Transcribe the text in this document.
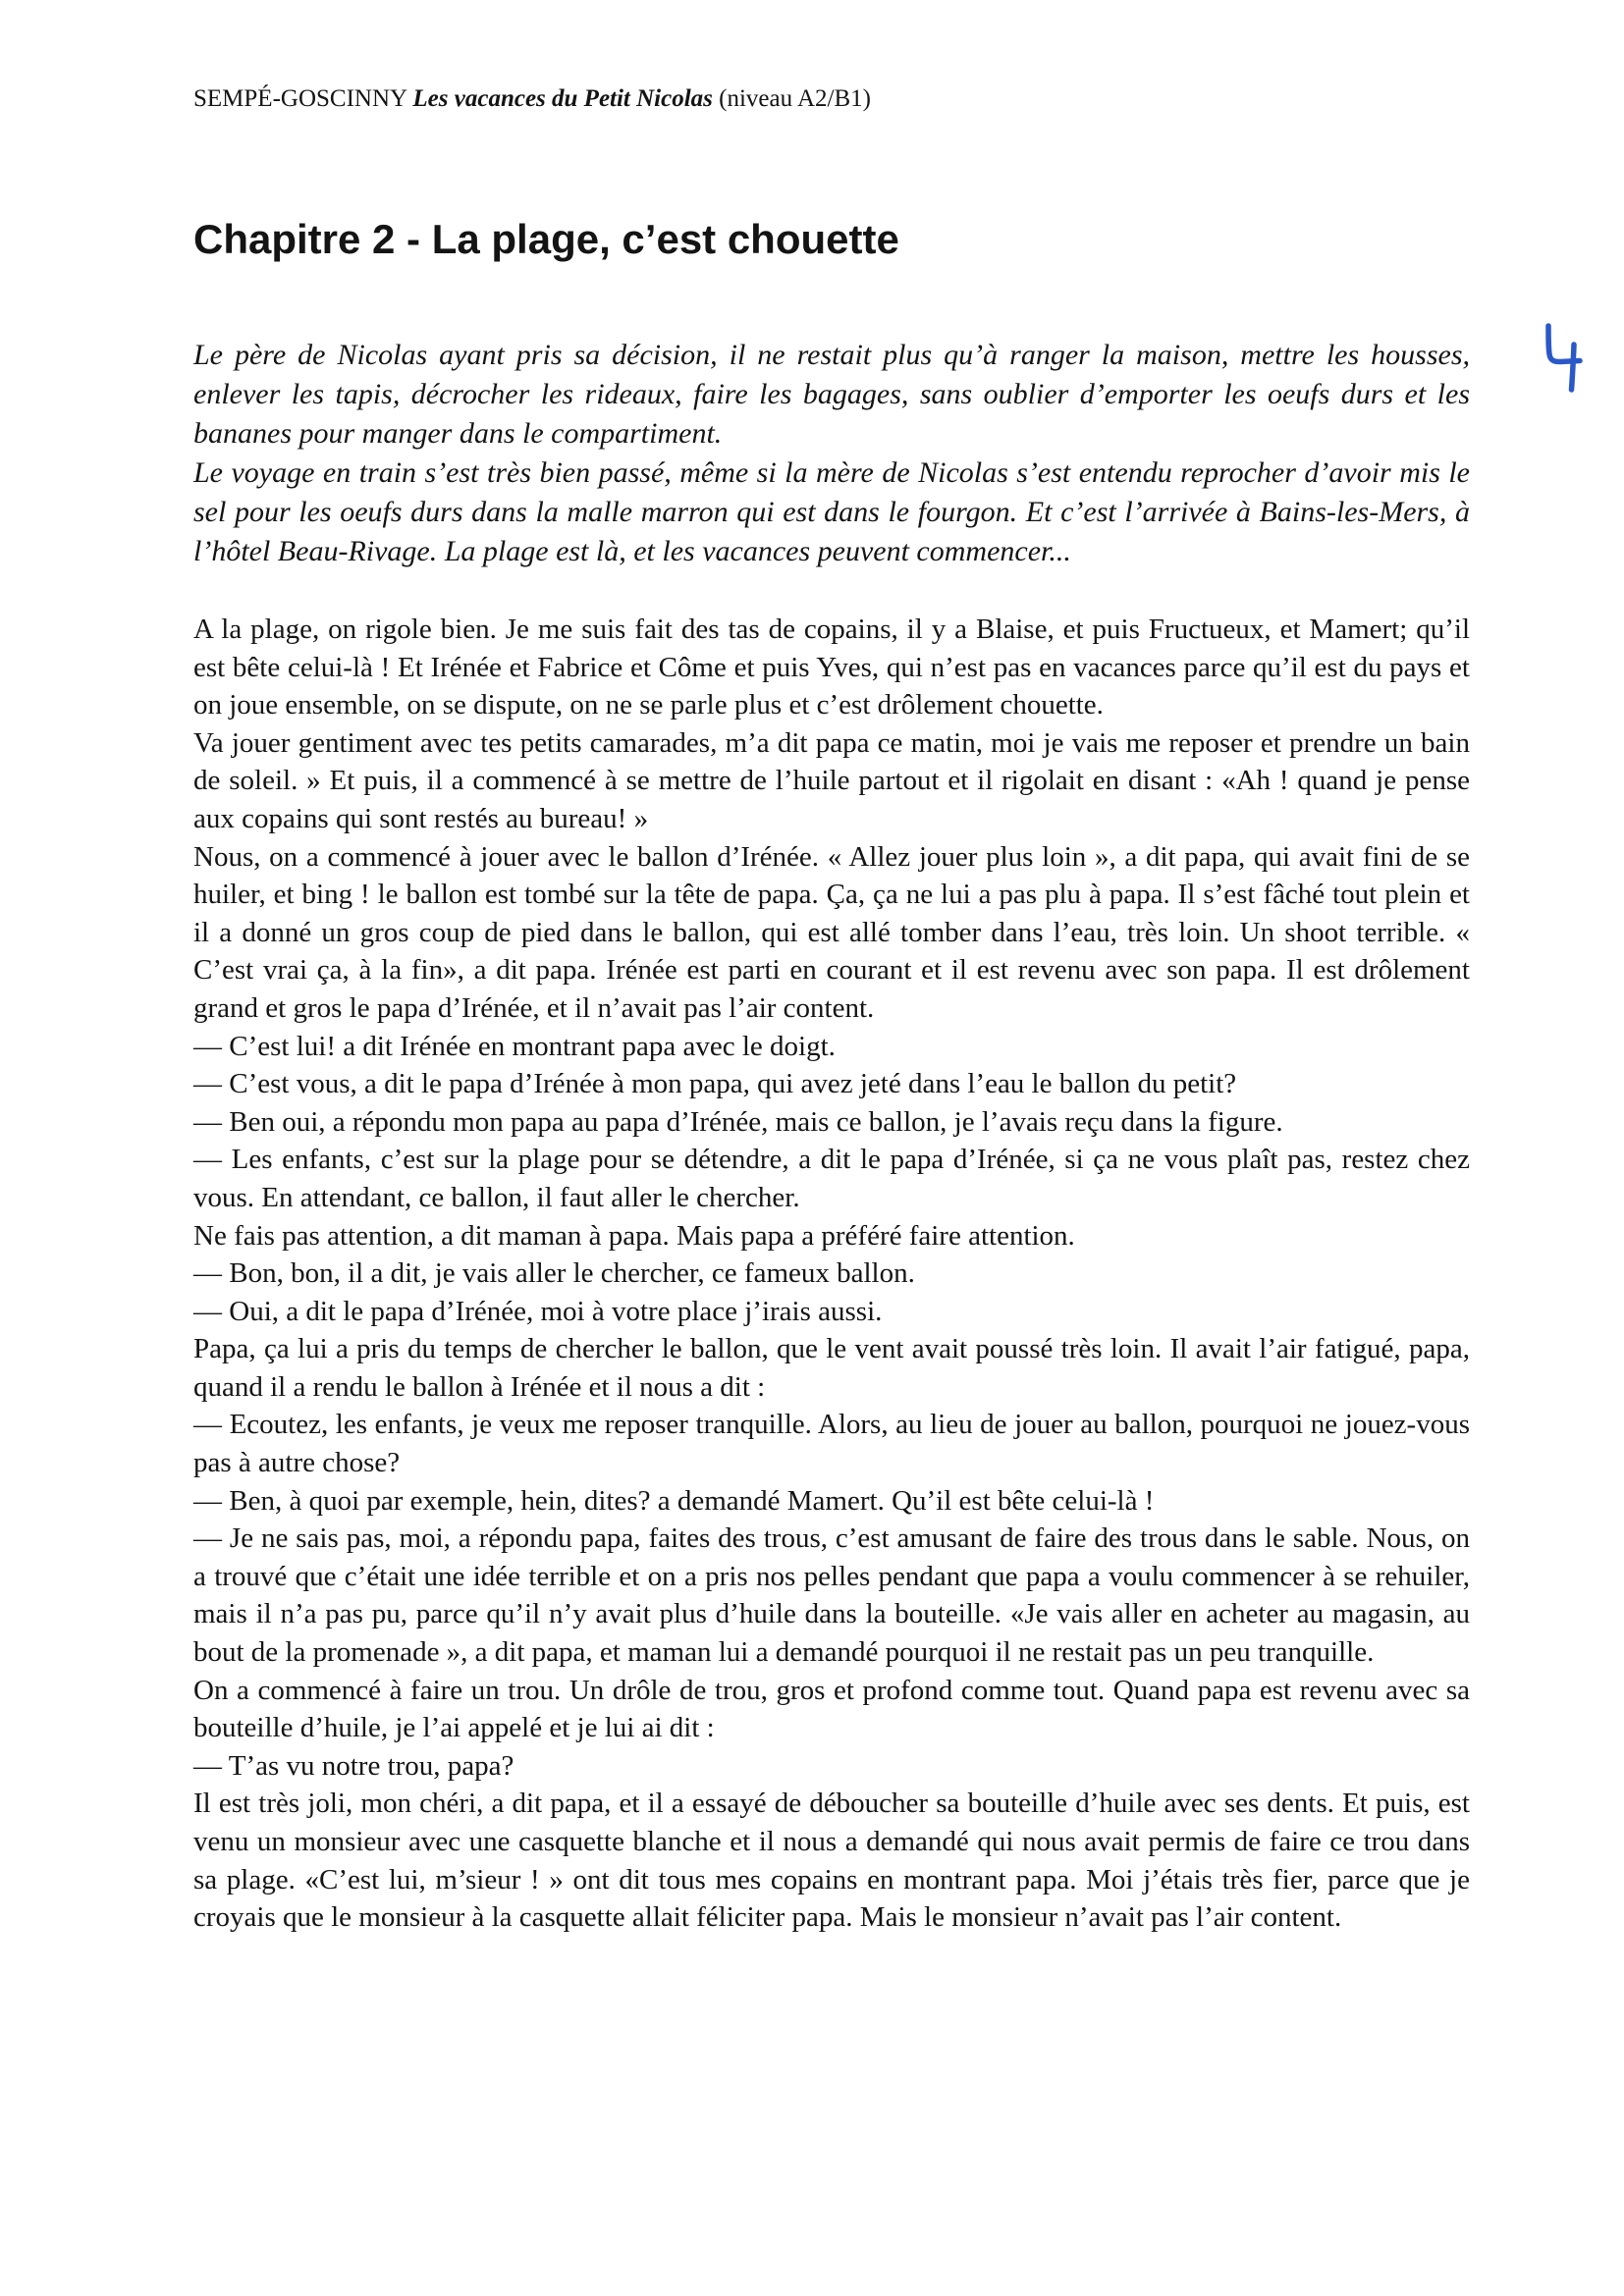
SEMPÉ-GOSCINNY Les vacances du Petit Nicolas (niveau A2/B1)
Chapitre 2 - La plage, c’est chouette

Le père de Nicolas ayant pris sa décision, il ne restait plus qu’à ranger la maison, mettre les housses, enlever les tapis, décrocher les rideaux, faire les bagages, sans oublier d’emporter les oeufs durs et les bananes pour manger dans le compartiment.

Le voyage en train s’est très bien passé, même si la mère de Nicolas s’est entendu reprocher d’avoir mis le sel pour les oeufs durs dans la malle marron qui est dans le fourgon. Et c’est l’arrivée à Bains-les-Mers, à l’hôtel Beau-Rivage. La plage est là, et les vacances peuvent commencer...

A la plage, on rigole bien. Je me suis fait des tas de copains, il y a Blaise, et puis Fructueux, et Mamert; qu’il est bête celui-là ! Et Irénée et Fabrice et Côme et puis Yves, qui n’est pas en vacances parce qu’il est du pays et on joue ensemble, on se dispute, on ne se parle plus et c’est drôlement chouette.

Va jouer gentiment avec tes petits camarades, m’a dit papa ce matin, moi je vais me reposer et prendre un bain de soleil. » Et puis, il a commencé à se mettre de l’huile partout et il rigolait en disant : «Ah ! quand je pense aux copains qui sont restés au bureau! »

Nous, on a commencé à jouer avec le ballon d’Irénée. « Allez jouer plus loin », a dit papa, qui avait fini de se huiler, et bing ! le ballon est tombé sur la tête de papa. Ça, ça ne lui a pas plu à papa. Il s’est fâché tout plein et il a donné un gros coup de pied dans le ballon, qui est allé tomber dans l’eau, très loin. Un shoot terrible. « C’est vrai ça, à la fin», a dit papa. Irénée est parti en courant et il est revenu avec son papa. Il est drôlement grand et gros le papa d’Irénée, et il n’avait pas l’air content.

— C’est lui! a dit Irénée en montrant papa avec le doigt.

— C’est vous, a dit le papa d’Irénée à mon papa, qui avez jeté dans l’eau le ballon du petit?

— Ben oui, a répondu mon papa au papa d’Irénée, mais ce ballon, je l’avais reçu dans la figure.

— Les enfants, c’est sur la plage pour se détendre, a dit le papa d’Irénée, si ça ne vous plaît pas, restez chez vous. En attendant, ce ballon, il faut aller le chercher.

Ne fais pas attention, a dit maman à papa. Mais papa a préféré faire attention.

— Bon, bon, il a dit, je vais aller le chercher, ce fameux ballon.

— Oui, a dit le papa d’Irénée, moi à votre place j’irais aussi.

Papa, ça lui a pris du temps de chercher le ballon, que le vent avait poussé très loin. Il avait l’air fatigué, papa, quand il a rendu le ballon à Irénée et il nous a dit :

— Ecoutez, les enfants, je veux me reposer tranquille. Alors, au lieu de jouer au ballon, pourquoi ne jouez-vous pas à autre chose?

— Ben, à quoi par exemple, hein, dites? a demandé Mamert. Qu’il est bête celui-là !

— Je ne sais pas, moi, a répondu papa, faites des trous, c’est amusant de faire des trous dans le sable. Nous, on a trouvé que c’était une idée terrible et on a pris nos pelles pendant que papa a voulu commencer à se rehuiler, mais il n’a pas pu, parce qu’il n’y avait plus d’huile dans la bouteille. «Je vais aller en acheter au magasin, au bout de la promenade », a dit papa, et maman lui a demandé pourquoi il ne restait pas un peu tranquille.

On a commencé à faire un trou. Un drôle de trou, gros et profond comme tout. Quand papa est revenu avec sa bouteille d’huile, je l’ai appelé et je lui ai dit :

— T’as vu notre trou, papa?

Il est très joli, mon chéri, a dit papa, et il a essayé de déboucher sa bouteille d’huile avec ses dents. Et puis, est venu un monsieur avec une casquette blanche et il nous a demandé qui nous avait permis de faire ce trou dans sa plage. «C’est lui, m’sieur ! » ont dit tous mes copains en montrant papa. Moi j’étais très fier, parce que je croyais que le monsieur à la casquette allait féliciter papa. Mais le monsieur n’avait pas l’air content.
